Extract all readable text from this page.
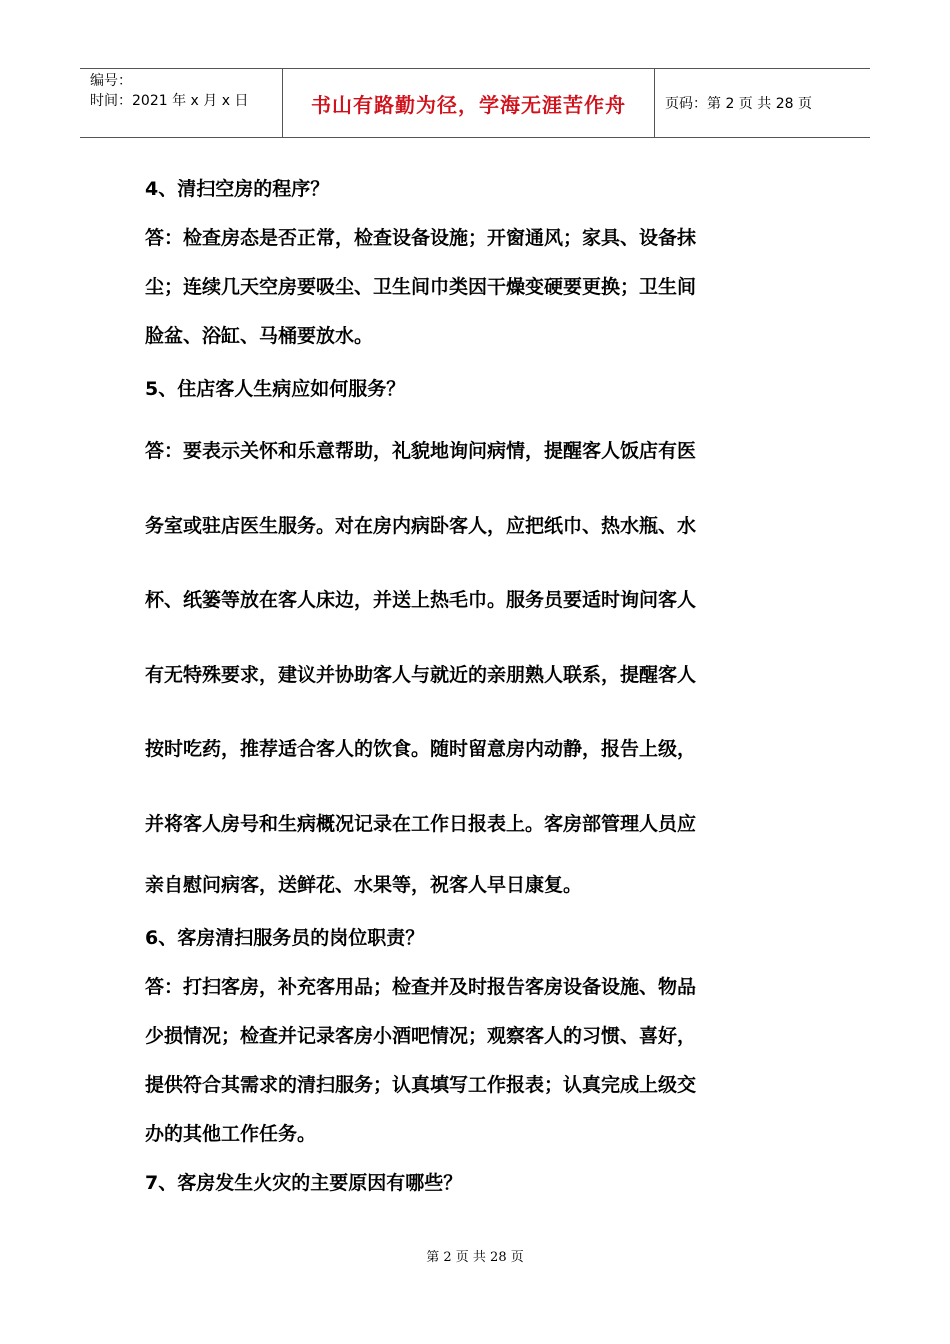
编号：
时间：2021 年 x 月 x 日	书山有路勤为径，学海无涯苦作舟	页码：第 2 页 共 28 页

4、清扫空房的程序？

答：检查房态是否正常，检查设备设施；开窗通风；家具、设备抹

尘；连续几天空房要吸尘、卫生间巾类因干燥变硬要更换；卫生间

脸盆、浴缸、马桶要放水。

5、住店客人生病应如何服务？

答：要表示关怀和乐意帮助，礼貌地询问病情，提醒客人饭店有医

务室或驻店医生服务。对在房内病卧客人，应把纸巾、热水瓶、水

杯、纸篓等放在客人床边，并送上热毛巾。服务员要适时询问客人

有无特殊要求，建议并协助客人与就近的亲朋熟人联系，提醒客人

按时吃药，推荐适合客人的饮食。随时留意房内动静，报告上级，

并将客人房号和生病概况记录在工作日报表上。客房部管理人员应

亲自慰问病客，送鲜花、水果等，祝客人早日康复。

6、客房清扫服务员的岗位职责？

答：打扫客房，补充客用品；检查并及时报告客房设备设施、物品

少损情况；检查并记录客房小酒吧情况；观察客人的习惯、喜好，

提供符合其需求的清扫服务；认真填写工作报表；认真完成上级交

办的其他工作任务。

7、客房发生火灾的主要原因有哪些？

第 2 页 共 28 页
